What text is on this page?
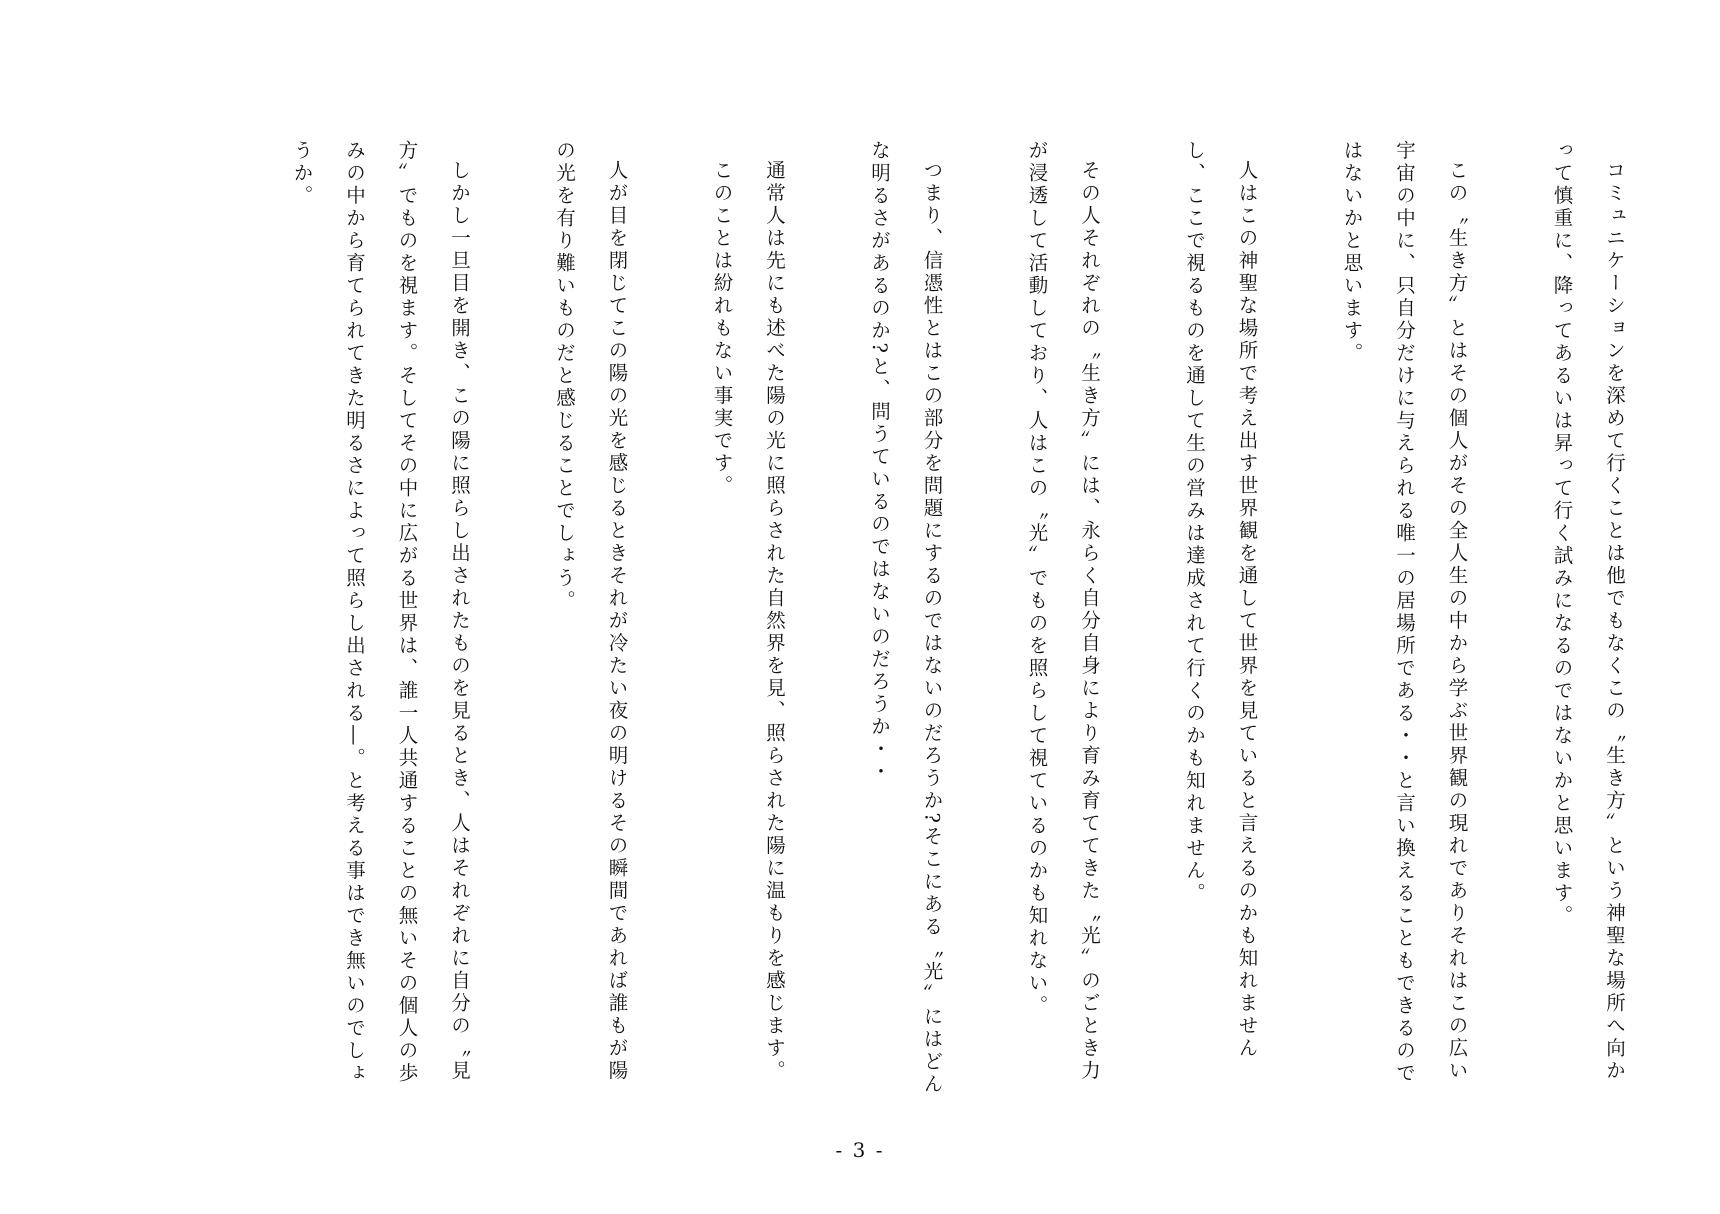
コミュニケーションを深めて行くことは他でもなくこの〝生き方〟という神聖な場所へ向かって慎重に、降ってあるいは昇って行く試みになるのではないかと思います。

この〝生き方〟とはその個人がその全人生の中から学ぶ世界観の現れでありそれはこの広い宇宙の中に、只自分だけに与えられる唯一の居場所である・・と言い換えることもできるのではないかと思います。

人はこの神聖な場所で考え出す世界観を通して世界を見ていると言えるのかも知れませんし、ここで視るものを通して生の営みは達成されて行くのかも知れません。

その人それぞれの〝生き方〟には、永らく自分自身により育み育ててきた〝光〟のごとき力が浸透して活動しており、人はこの〝光〟でものを照らして視ているのかも知れない。

つまり、信憑性とはこの部分を問題にするのではないのだろうか?そこにある〝光〟にはどんな明るさがあるのか?と、問うているのではないのだろうか・・

通常人は先にも述べた陽の光に照らされた自然界を見、照らされた陽に温もりを感じます。

このことは紛れもない事実です。

人が目を閉じてこの陽の光を感じるときそれが冷たい夜の明けるその瞬間であれば誰もが陽の光を有り難いものだと感じることでしょう。

しかし一旦目を開き、この陽に照らし出されたものを見るとき、人はそれぞれに自分の〝見方〟でものを視ます。そしてその中に広がる世界は、誰一人共通することの無いその個人の歩みの中から育てられてきた明るさによって照らし出される―。と考える事はでき無いのでしょうか。

- 3 -
